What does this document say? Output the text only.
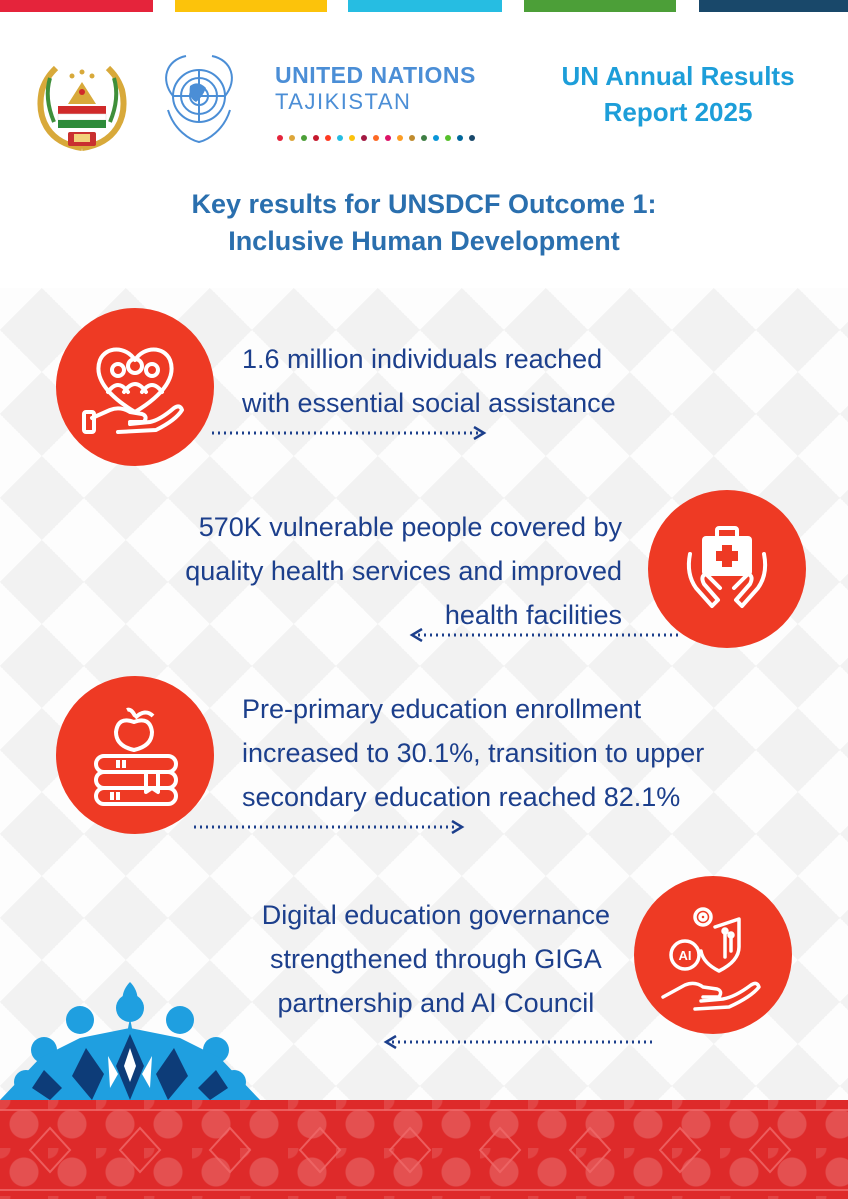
UNITED NATIONS
TAJIKISTAN
UN Annual Results
Report 2025
Key results for UNSDCF Outcome 1:
Inclusive Human Development
1.6 million individuals reached
with essential social assistance
570K vulnerable people covered by
quality health services and improved
health facilities
Pre-primary education enrollment
increased to 30.1%, transition to upper
secondary education reached 82.1%
Digital education governance
strengthened through GIGA
partnership and AI Council
AI
